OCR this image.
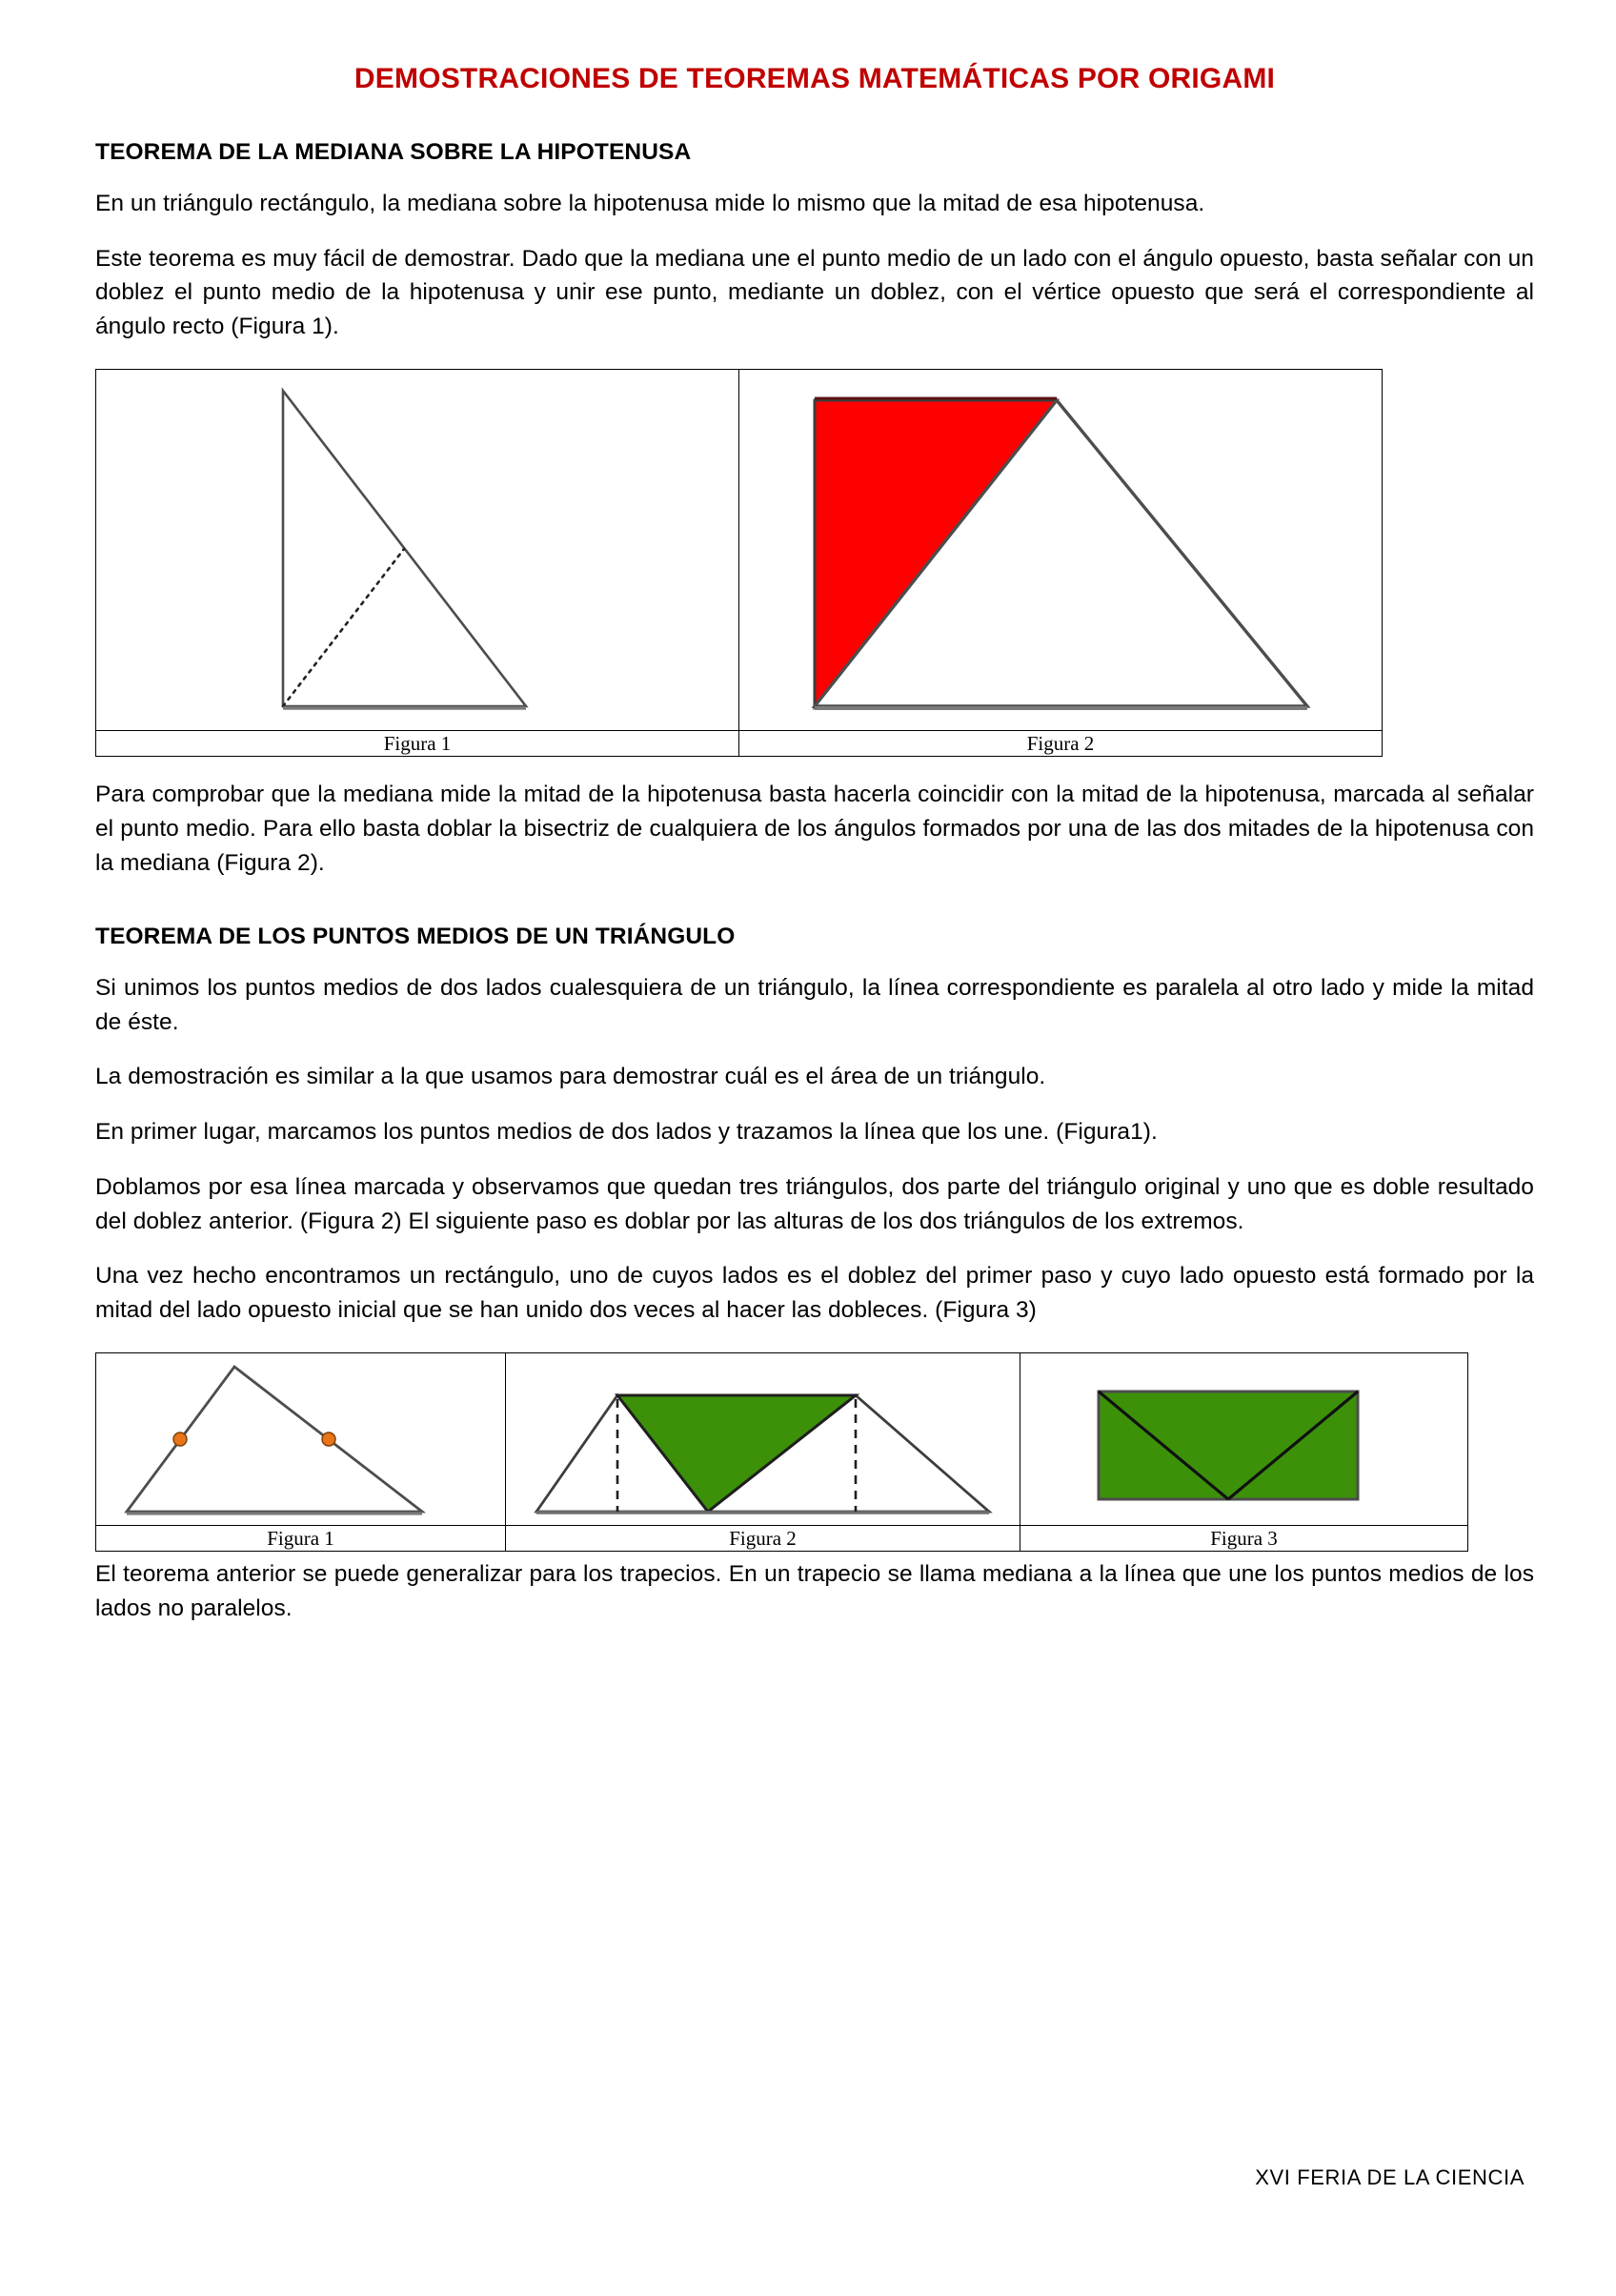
DEMOSTRACIONES DE TEOREMAS MATEMÁTICAS POR ORIGAMI
TEOREMA DE LA MEDIANA SOBRE LA HIPOTENUSA

En un triángulo rectángulo, la mediana sobre la hipotenusa mide lo mismo que la mitad de esa hipotenusa.

Este teorema es muy fácil de demostrar. Dado que la mediana une el punto medio de un lado con el ángulo opuesto, basta señalar con un doblez el punto medio de la hipotenusa y unir ese punto, mediante un doblez, con el vértice opuesto que será el correspondiente al ángulo recto (Figura 1).

Figura 1	Figura 2

Para comprobar que la mediana mide la mitad de la hipotenusa basta hacerla coincidir con la mitad de la hipotenusa, marcada al señalar el punto medio. Para ello basta doblar la bisectriz de cualquiera de los ángulos formados por una de las dos mitades de la hipotenusa con la mediana (Figura 2).

TEOREMA DE LOS PUNTOS MEDIOS DE UN TRIÁNGULO

Si unimos los puntos medios de dos lados cualesquiera de un triángulo, la línea correspondiente es paralela al otro lado y mide la mitad de éste.

La demostración es similar a la que usamos para demostrar cuál es el área de un triángulo.

En primer lugar, marcamos los puntos medios de dos lados y trazamos la línea que los une. (Figura1).

Doblamos por esa línea marcada y observamos que quedan tres triángulos, dos parte del triángulo original y uno que es doble resultado del doblez anterior. (Figura 2) El siguiente paso es doblar por las alturas de los dos triángulos de los extremos.

Una vez hecho encontramos un rectángulo, uno de cuyos lados es el doblez del primer paso y cuyo lado opuesto está formado por la mitad del lado opuesto inicial que se han unido dos veces al hacer las dobleces. (Figura 3)

Figura 1	Figura 2	Figura 3

El teorema anterior se puede generalizar para los trapecios. En un trapecio se llama mediana a la línea que une los puntos medios de los lados no paralelos.

XVI FERIA DE LA CIENCIA
